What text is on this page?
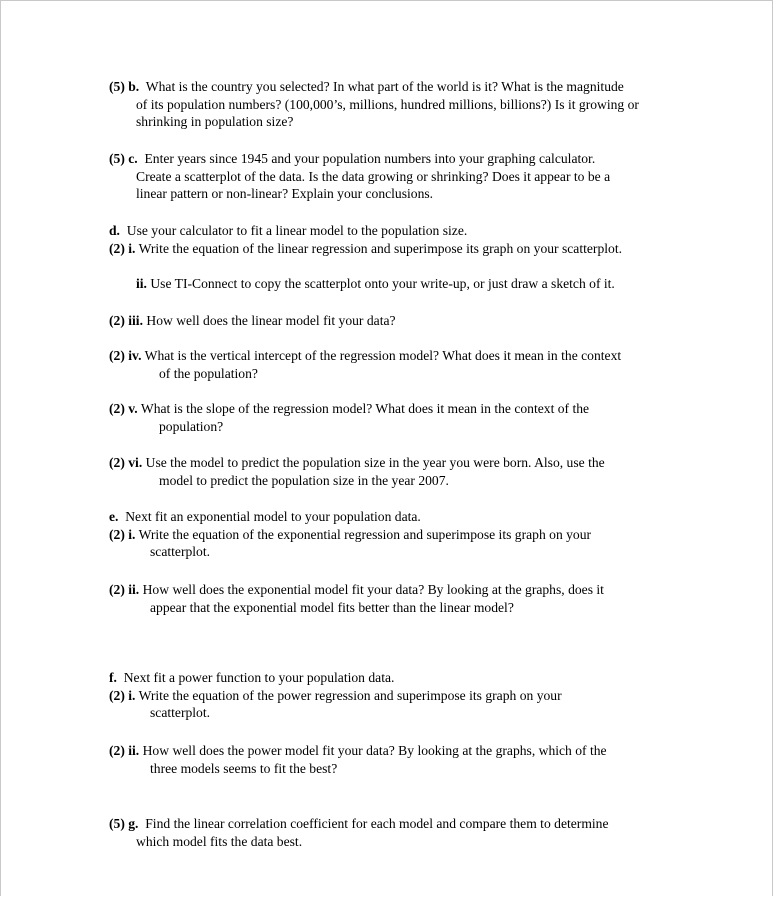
(5) b. What is the country you selected? In what part of the world is it? What is the magnitude
of its population numbers? (100,000’s, millions, hundred millions, billions?) Is it growing or
shrinking in population size?

(5) c. Enter years since 1945 and your population numbers into your graphing calculator.
Create a scatterplot of the data. Is the data growing or shrinking? Does it appear to be a
linear pattern or non-linear? Explain your conclusions.

d. Use your calculator to fit a linear model to the population size.
(2) i. Write the equation of the linear regression and superimpose its graph on your scatterplot.

ii. Use TI-Connect to copy the scatterplot onto your write-up, or just draw a sketch of it.

(2) iii. How well does the linear model fit your data?

(2) iv. What is the vertical intercept of the regression model? What does it mean in the context
of the population?

(2) v. What is the slope of the regression model? What does it mean in the context of the
population?

(2) vi. Use the model to predict the population size in the year you were born. Also, use the
model to predict the population size in the year 2007.

e. Next fit an exponential model to your population data.
(2) i. Write the equation of the exponential regression and superimpose its graph on your
scatterplot.

(2) ii. How well does the exponential model fit your data? By looking at the graphs, does it
appear that the exponential model fits better than the linear model?

f. Next fit a power function to your population data.
(2) i. Write the equation of the power regression and superimpose its graph on your
scatterplot.

(2) ii. How well does the power model fit your data? By looking at the graphs, which of the
three models seems to fit the best?

(5) g. Find the linear correlation coefficient for each model and compare them to determine
which model fits the data best.
